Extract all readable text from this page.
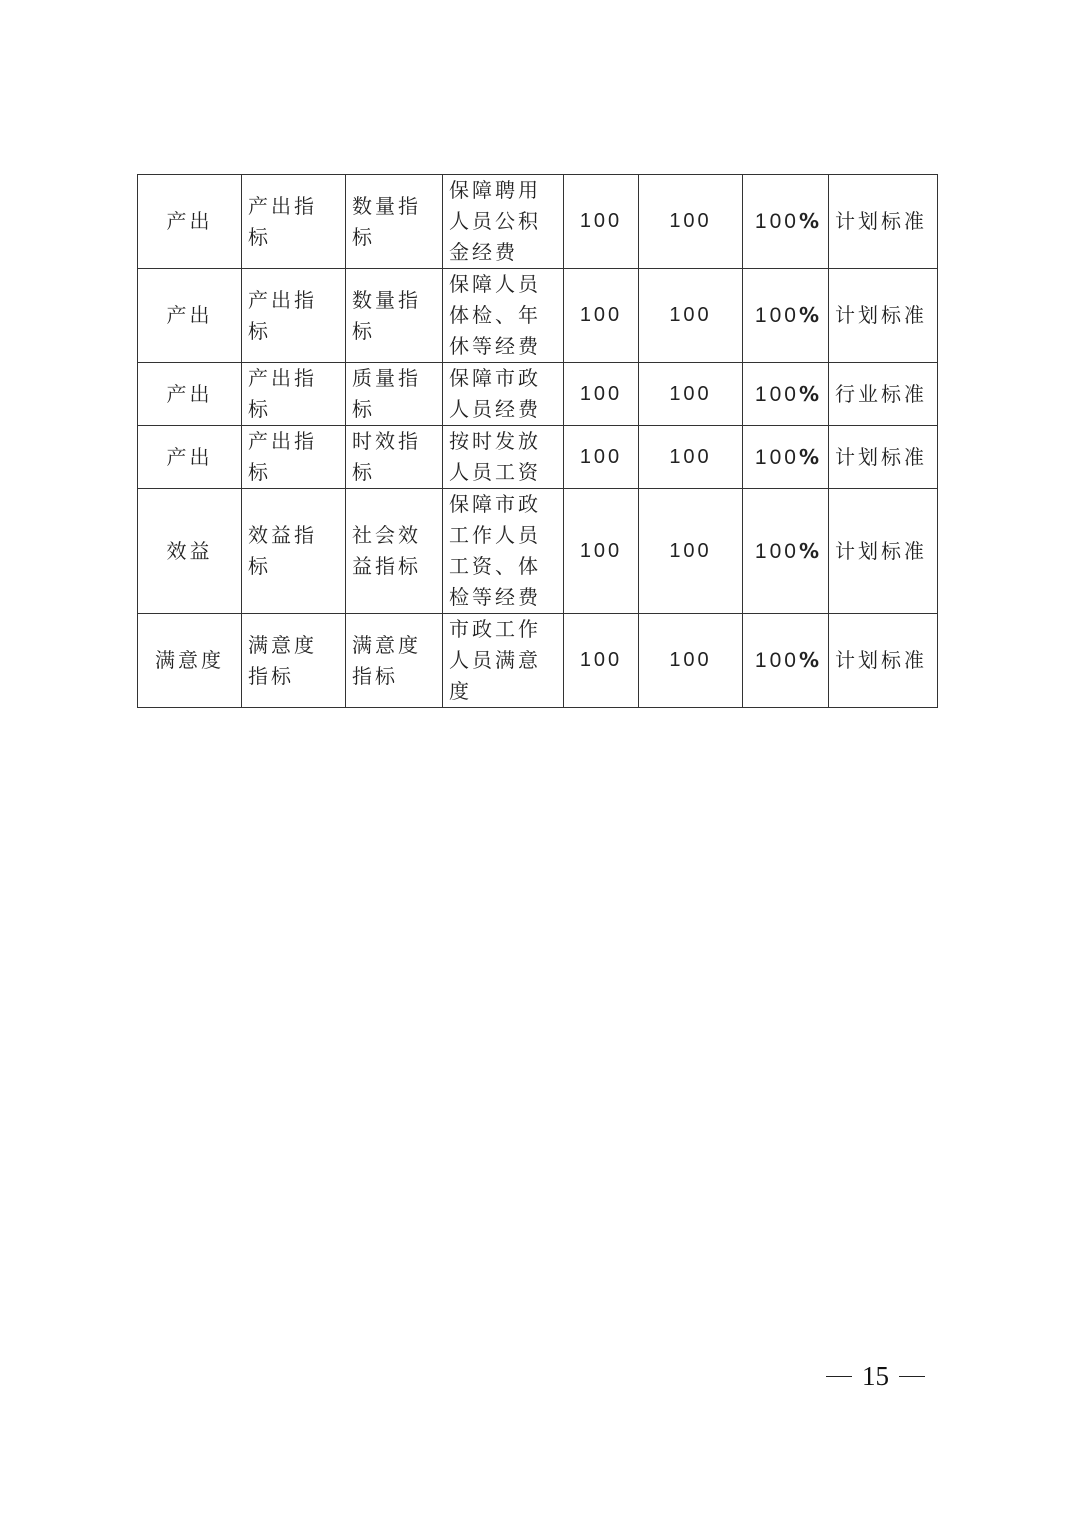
产出	产出指标	数量指标	保障聘用人员公积金经费	100	100	100%	计划标准
产出	产出指标	数量指标	保障人员体检、年休等经费	100	100	100%	计划标准
产出	产出指标	质量指标	保障市政人员经费	100	100	100%	行业标准
产出	产出指标	时效指标	按时发放人员工资	100	100	100%	计划标准
效益	效益指标	社会效益指标	保障市政工作人员工资、体检等经费	100	100	100%	计划标准
满意度	满意度指标	满意度指标	市政工作人员满意度	100	100	100%	计划标准
15
